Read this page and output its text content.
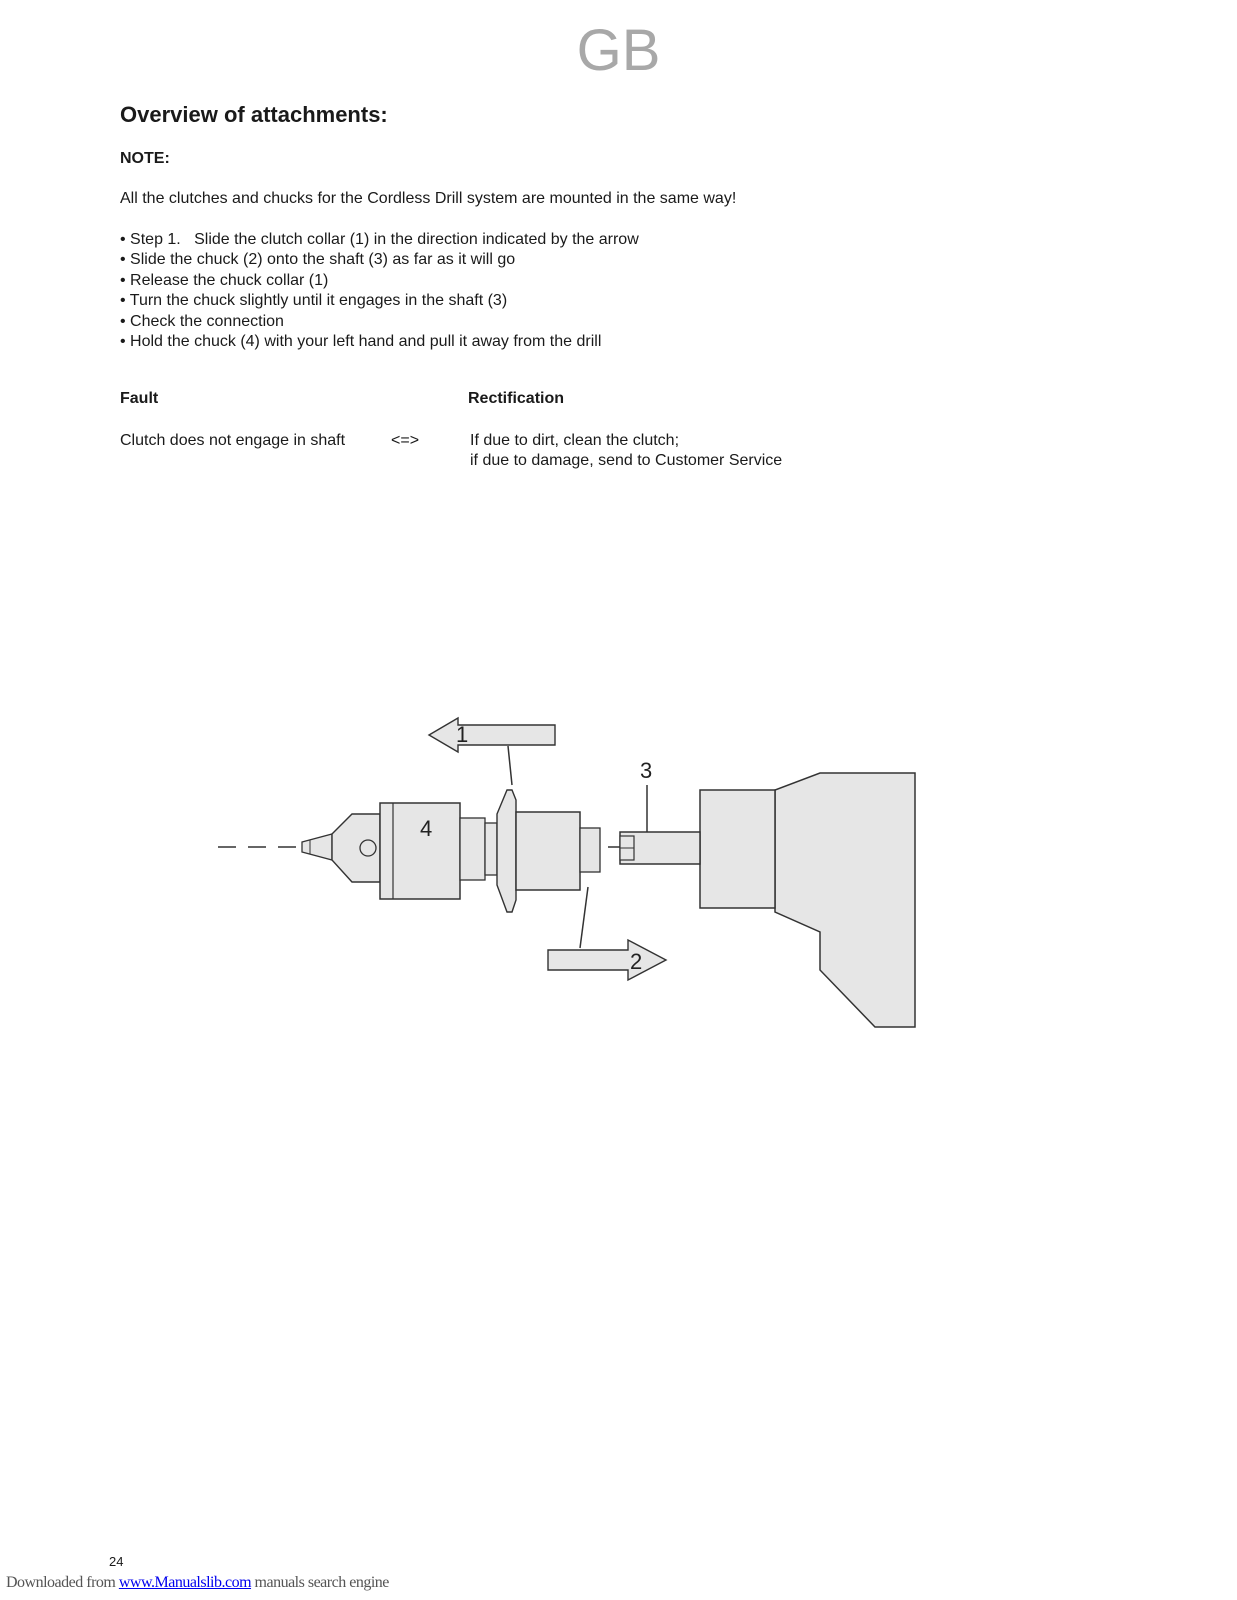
GB
Overview of attachments:
NOTE:
All the clutches and chucks for the Cordless Drill system are mounted in the same way!
• Step 1.   Slide the clutch collar (1) in the direction indicated by the arrow
• Slide the chuck (2) onto the shaft (3) as far as it will go
• Release the chuck collar (1)
• Turn the chuck slightly until it engages in the shaft (3)
• Check the connection
• Hold the chuck (4) with your left hand and pull it away from the drill
Fault	Rectification
Clutch does not engage in shaft	<=>	If due to dirt, clean the clutch;
if due to damage, send to Customer Service
1
2
3
4
24
Downloaded from www.Manualslib.com manuals search engine
